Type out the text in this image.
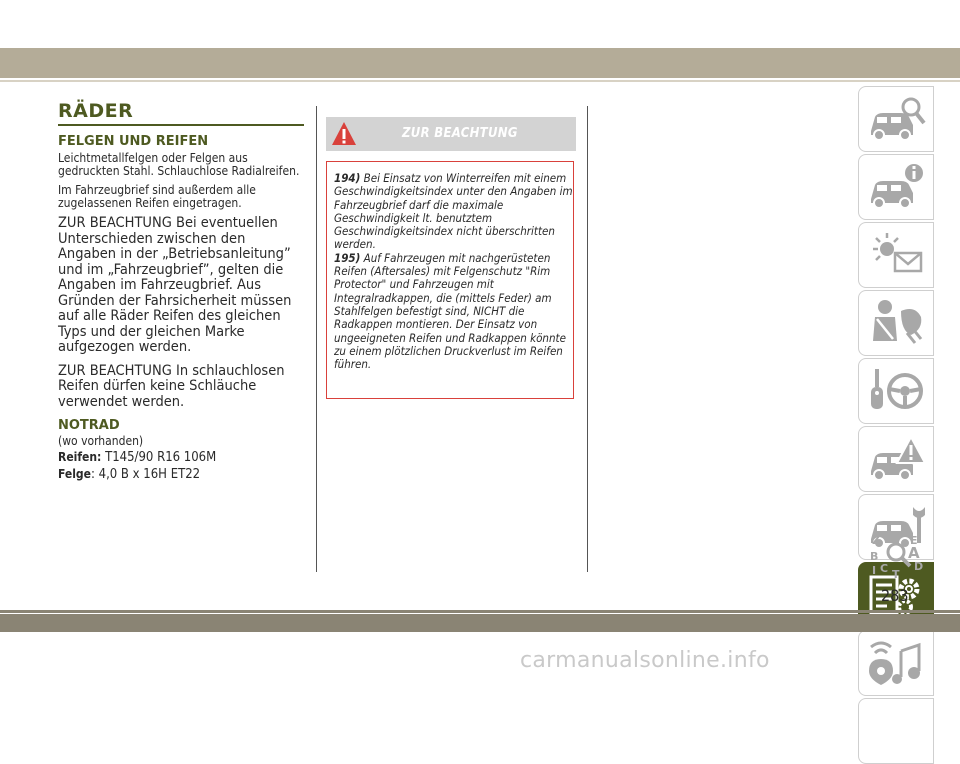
RÄDER
FELGEN UND REIFEN

Leichtmetallfelgen oder Felgen aus gedruckten Stahl. Schlauchlose Radialreifen.

Im Fahrzeugbrief sind außerdem alle zugelassenen Reifen eingetragen.

ZUR BEACHTUNG Bei eventuellen Unterschieden zwischen den Angaben in der „Betriebsanleitung” und im „Fahrzeugbrief”, gelten die Angaben im Fahrzeugbrief. Aus Gründen der Fahrsicherheit müssen auf alle Räder Reifen des gleichen Typs und der gleichen Marke aufgezogen werden.

ZUR BEACHTUNG In schlauchlosen Reifen dürfen keine Schläuche verwendet werden.

NOTRAD

(wo vorhanden)

Reifen: T145/90 R16 106M

Felge: 4,0 B x 16H ET22

ZUR BEACHTUNG
194) Bei Einsatz von Winterreifen mit einem Geschwindigkeitsindex unter den Angaben im Fahrzeugbrief darf die maximale Geschwindigkeit lt. benutztem Geschwindigkeitsindex nicht überschritten werden.
195) Auf Fahrzeugen mit nachgerüsteten Reifen (Aftersales) mit Felgenschutz "Rim Protector" und Fahrzeugen mit Integralradkappen, die (mittels Feder) am Stahlfelgen befestigt sind, NICHT die Radkappen montieren. Der Einsatz von ungeeigneten Reifen und Radkappen könnte zu einem plötzlichen Druckverlust im Reifen führen.
Z	E
B A
C D
I T
283
carmanualsonline.info
